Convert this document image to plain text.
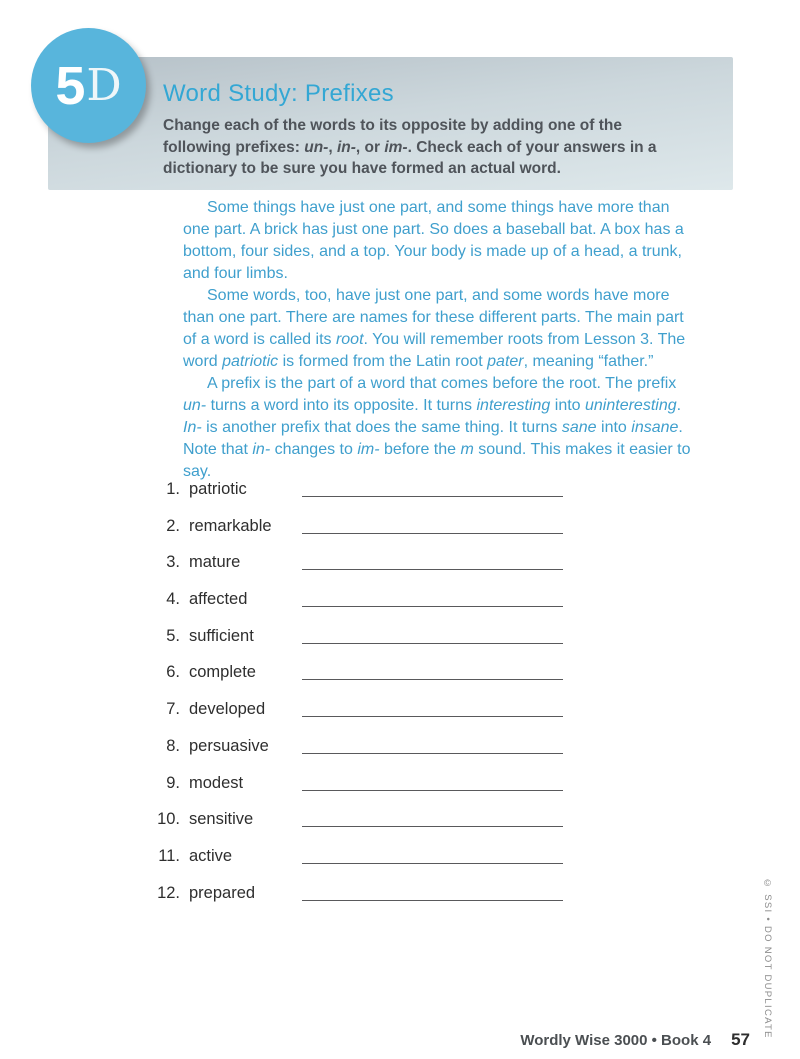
Word Study: Prefixes

Change each of the words to its opposite by adding one of the following prefixes: un-, in-, or im-. Check each of your answers in a dictionary to be sure you have formed an actual word.

5 D

Some things have just one part, and some things have more than one part. A brick has just one part. So does a baseball bat. A box has a bottom, four sides, and a top. Your body is made up of a head, a trunk, and four limbs.

Some words, too, have just one part, and some words have more than one part. There are names for these different parts. The main part of a word is called its root. You will remember roots from Lesson 3. The word patriotic is formed from the Latin root pater, meaning “father.”

A prefix is the part of a word that comes before the root. The prefix un- turns a word into its opposite. It turns interesting into uninteresting. In- is another prefix that does the same thing. It turns sane into insane. Note that in- changes to im- before the m sound. This makes it easier to say.

1. patriotic
2. remarkable
3. mature
4. affected
5. sufficient
6. complete
7. developed
8. persuasive
9. modest
10. sensitive
11. active
12. prepared
Wordly Wise 3000 • Book 4 57
© SSI • DO NOT DUPLICATE
